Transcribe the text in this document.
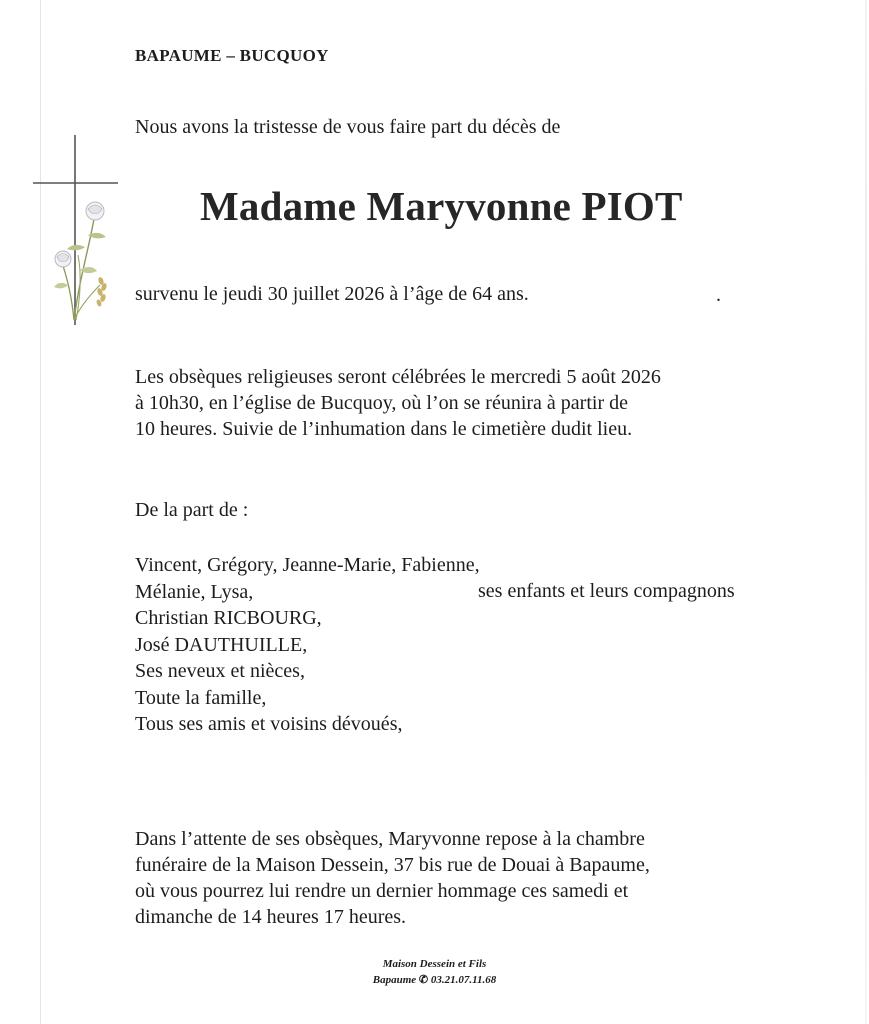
BAPAUME – BUCQUOY
Nous avons la tristesse de vous faire part du décès de
Madame Maryvonne PIOT
survenu le jeudi 30 juillet 2026 à l’âge de 64 ans.	.
Les obsèques religieuses seront célébrées le mercredi 5 août 2026
à 10h30, en l’église de Bucquoy, où l’on se réunira à partir de
10 heures. Suivie de l’inhumation dans le cimetière dudit lieu.
De la part de :
Vincent, Grégory, Jeanne-Marie, Fabienne,
Mélanie, Lysa,
Christian RICBOURG,
José DAUTHUILLE,
Ses neveux et nièces,
Toute la famille,
Tous ses amis et voisins dévoués,
ses enfants et leurs compagnons
Dans l’attente de ses obsèques, Maryvonne repose à la chambre
funéraire de la Maison Dessein, 37 bis rue de Douai à Bapaume,
où vous pourrez lui rendre un dernier hommage ces samedi et
dimanche de 14 heures 17 heures.
Maison Dessein et Fils
Bapaume ✆ 03.21.07.11.68
